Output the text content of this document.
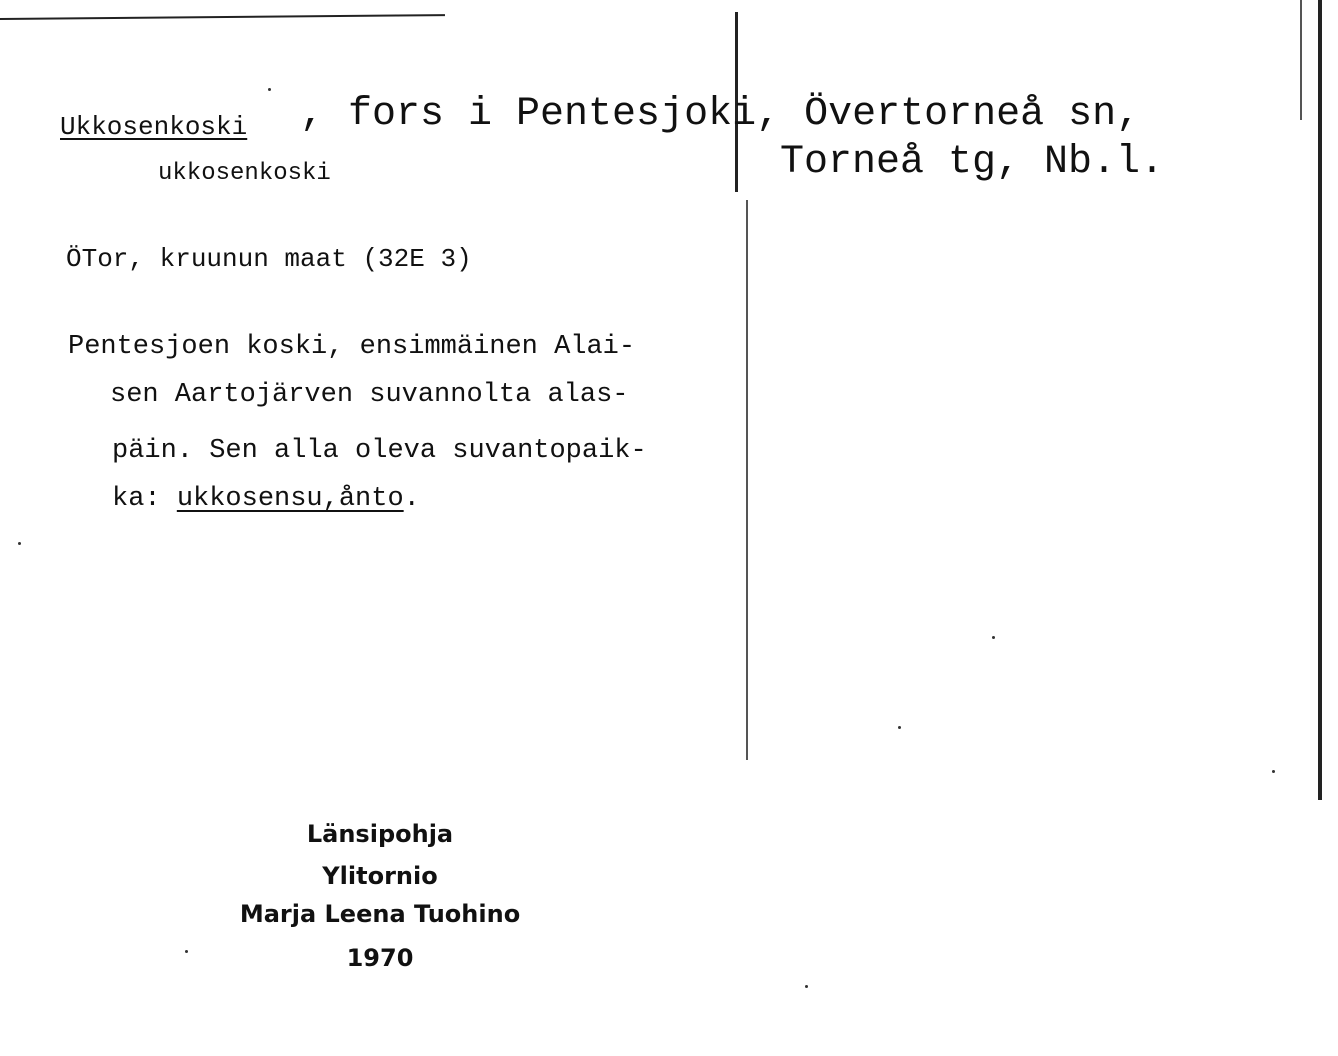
Ukkosenkoski , fors i Pentesjoki, Övertorneå sn,
Torneå tg, Nb.l.
ukkosenkoski
ÖTor, kruunun maat (32E 3)
Pentesjoen koski, ensimmäinen Alai-
sen Aartojärven suvannolta alas-
päin. Sen alla oleva suvantopaik-
ka: ukkosensu,ånto.
Länsipohja
Ylitornio
Marja Leena Tuohino
1970
